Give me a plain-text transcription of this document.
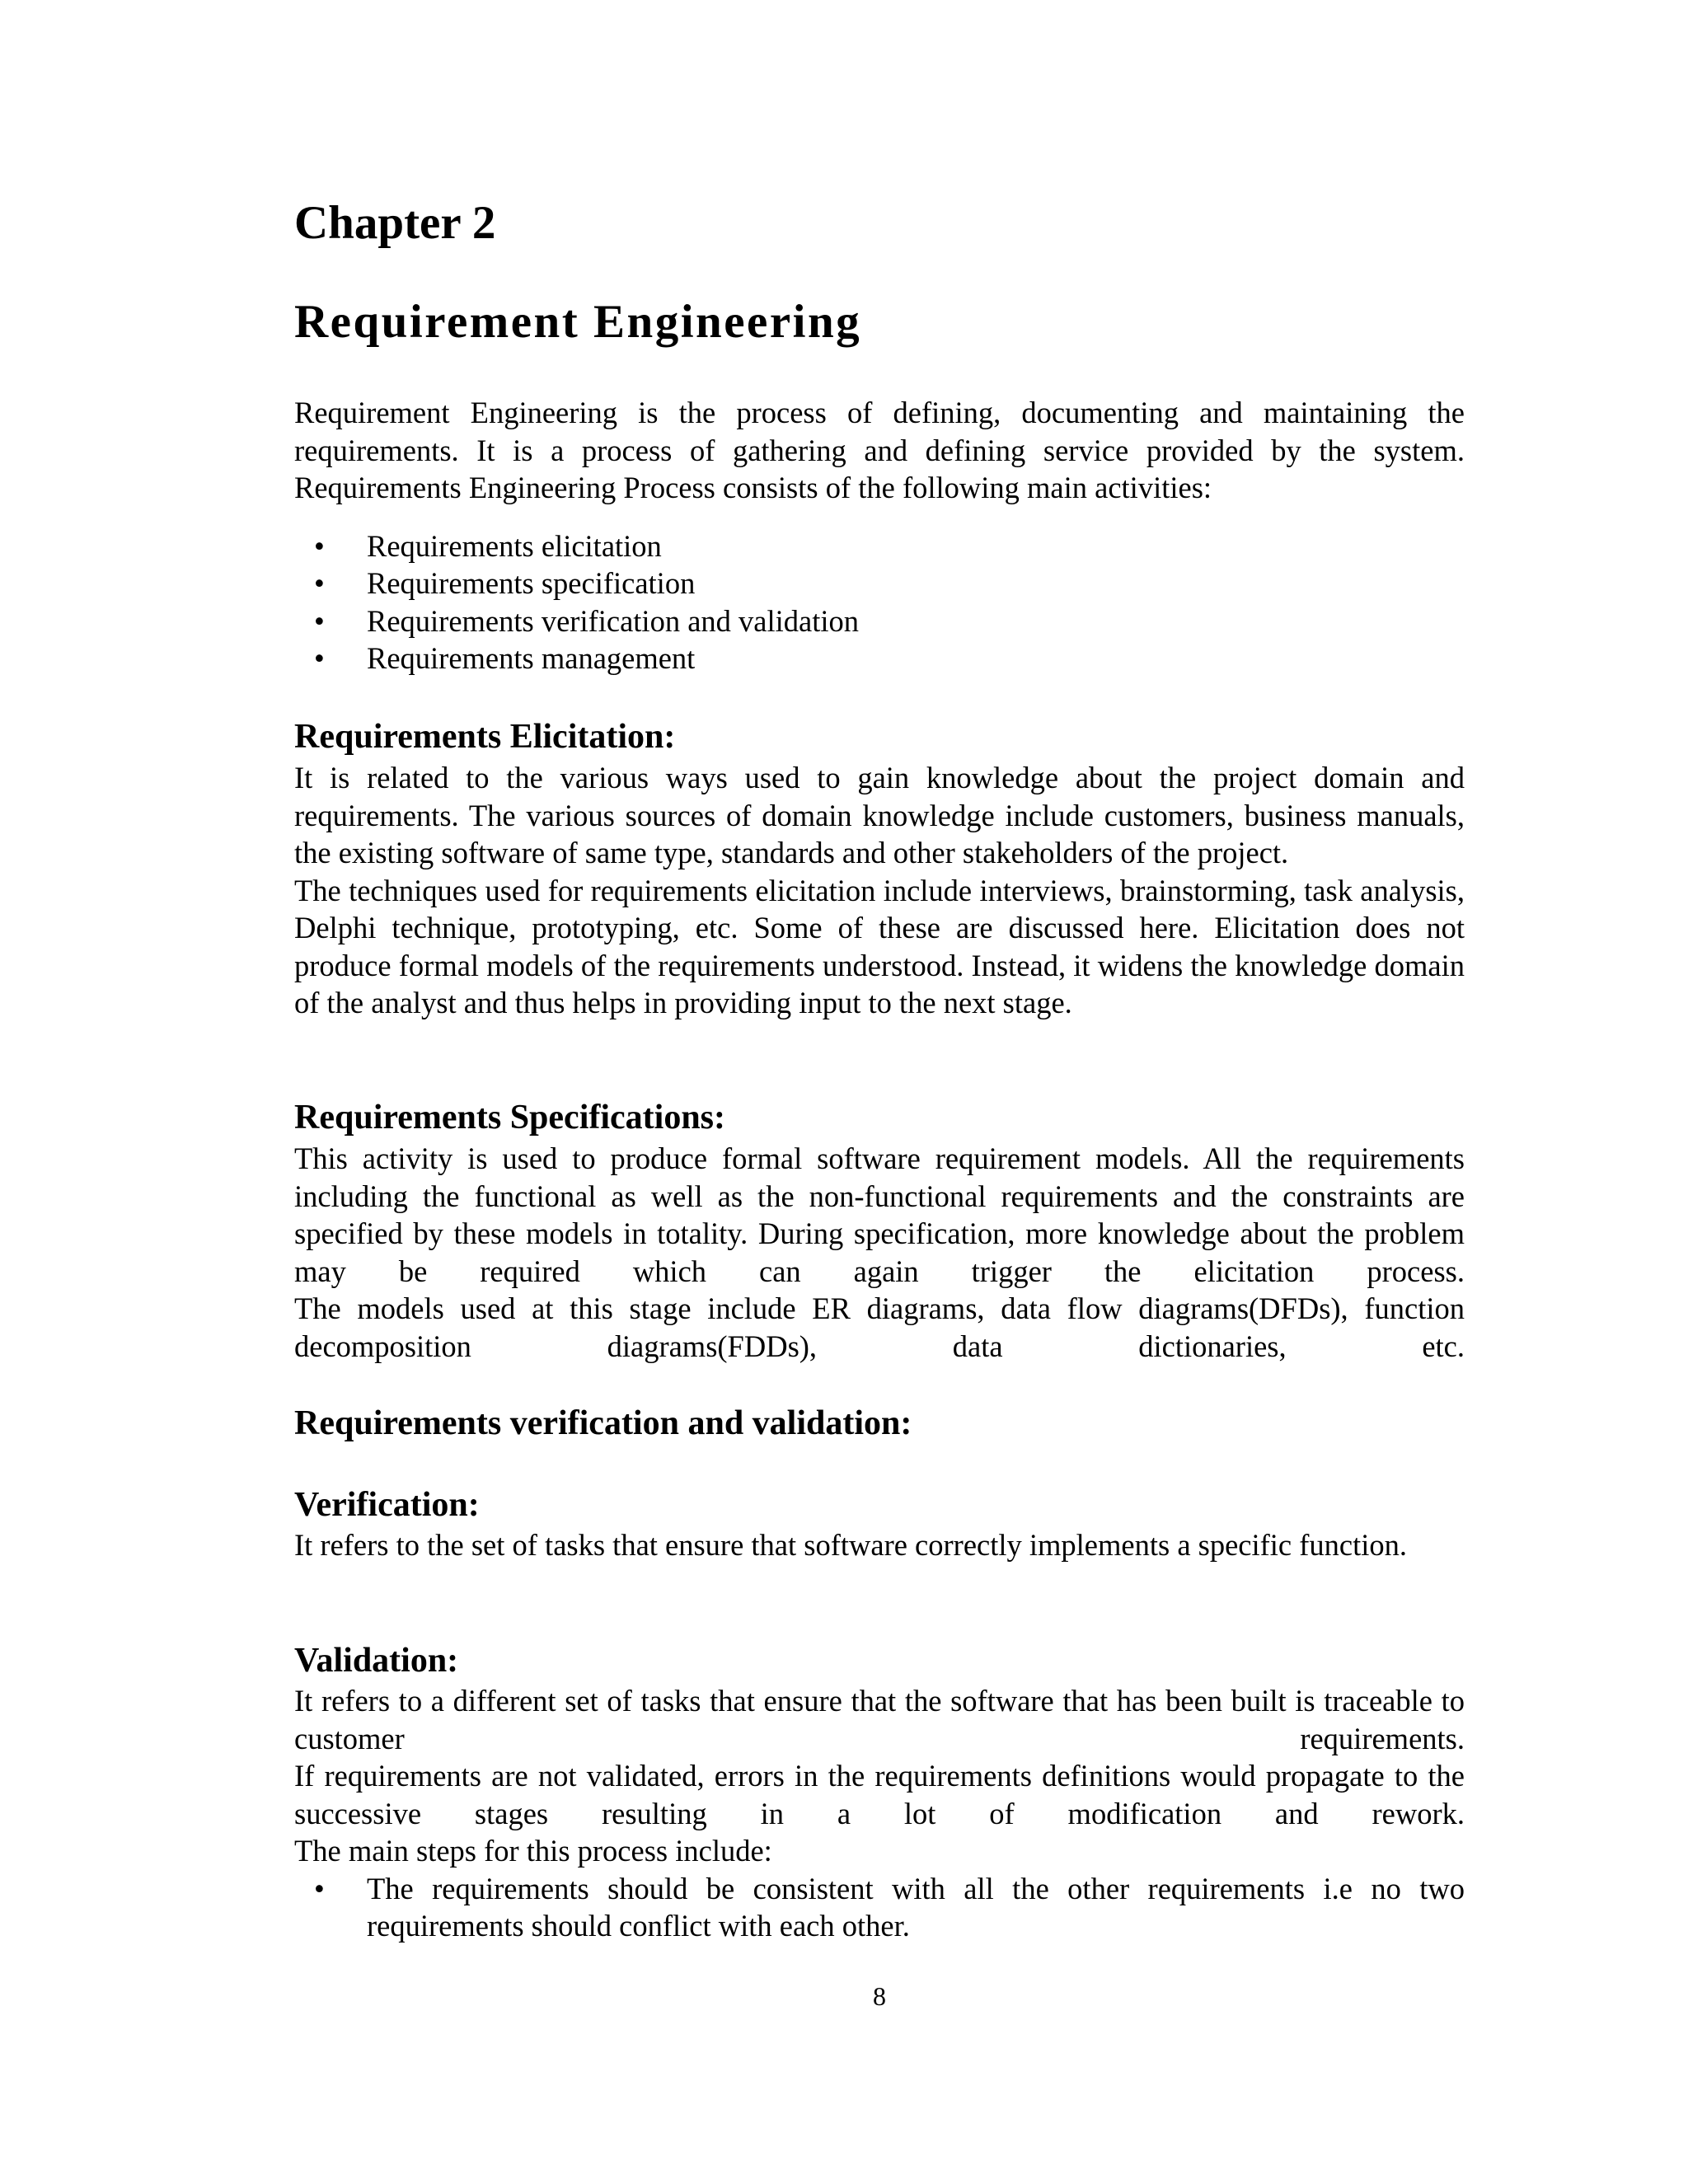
Chapter 2
Requirement Engineering

Requirement Engineering is the process of defining, documenting and maintaining the requirements. It is a process of gathering and defining service provided by the system. Requirements Engineering Process consists of the following main activities:

• Requirements elicitation
• Requirements specification
• Requirements verification and validation
• Requirements management
Requirements Elicitation:
It is related to the various ways used to gain knowledge about the project domain and requirements. The various sources of domain knowledge include customers, business manuals, the existing software of same type, standards and other stakeholders of the project.
The techniques used for requirements elicitation include interviews, brainstorming, task analysis, Delphi technique, prototyping, etc. Some of these are discussed here. Elicitation does not produce formal models of the requirements understood. Instead, it widens the knowledge domain of the analyst and thus helps in providing input to the next stage.
Requirements Specifications:
This activity is used to produce formal software requirement models. All the requirements including the functional as well as the non-functional requirements and the constraints are specified by these models in totality. During specification, more knowledge about the problem may be required which can again trigger the elicitation process.
The models used at this stage include ER diagrams, data flow diagrams(DFDs), function decomposition diagrams(FDDs), data dictionaries, etc.
Requirements verification and validation:
Verification:

It refers to the set of tasks that ensure that software correctly implements a specific function.

Validation:
It refers to a different set of tasks that ensure that the software that has been built is traceable to customer requirements.
If requirements are not validated, errors in the requirements definitions would propagate to the successive stages resulting in a lot of modification and rework.
The main steps for this process include:
• The requirements should be consistent with all the other requirements i.e no two requirements should conflict with each other.
8
